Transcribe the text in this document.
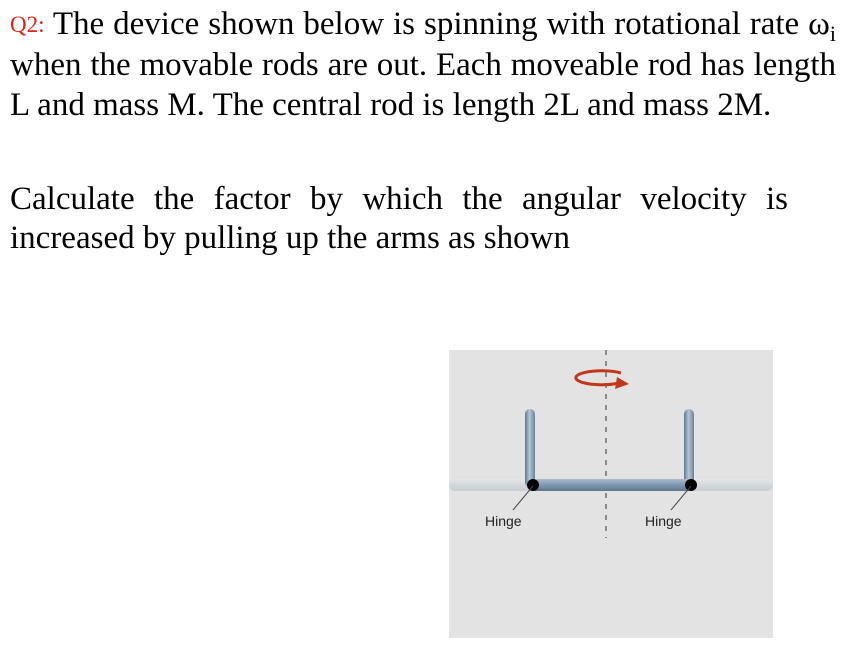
Q2: The device shown below is spinning with rotational rate $\omega_i$ when the movable rods are out. Each moveable rod has length L and mass M. The central rod is length 2L and mass 2M.

Calculate the factor by which the angular velocity is increased by pulling up the arms as shown

Hinge	Hinge
